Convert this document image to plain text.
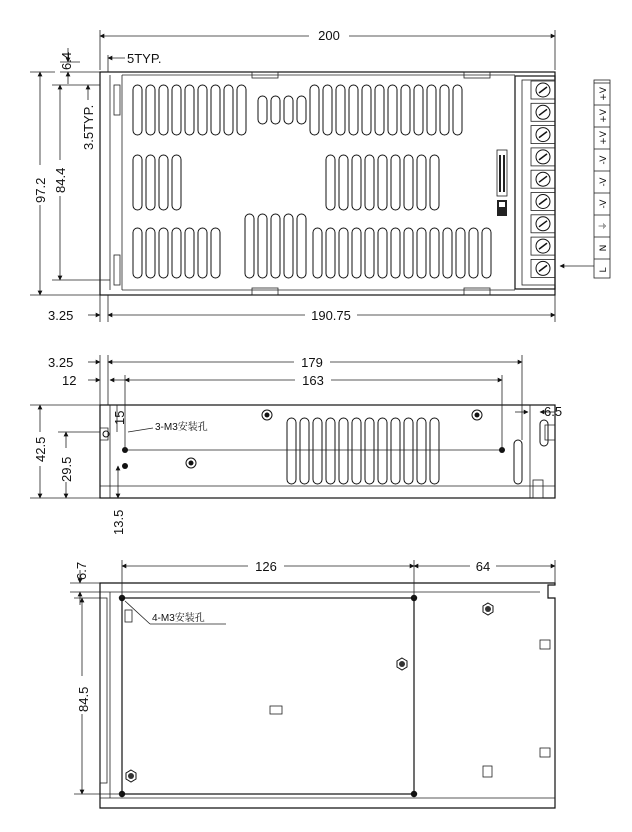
L
N
⏚
-V
-V
-V
+V
+V
+V
200
5TYP.
6.4
97.2 84.4
3.5TYP.
3.25	190.75
3.25	179
12	163
6.5
42.5
29.5
15
13.5
3-M3安装孔
126	64
6.7
84.5
4-M3安装孔
